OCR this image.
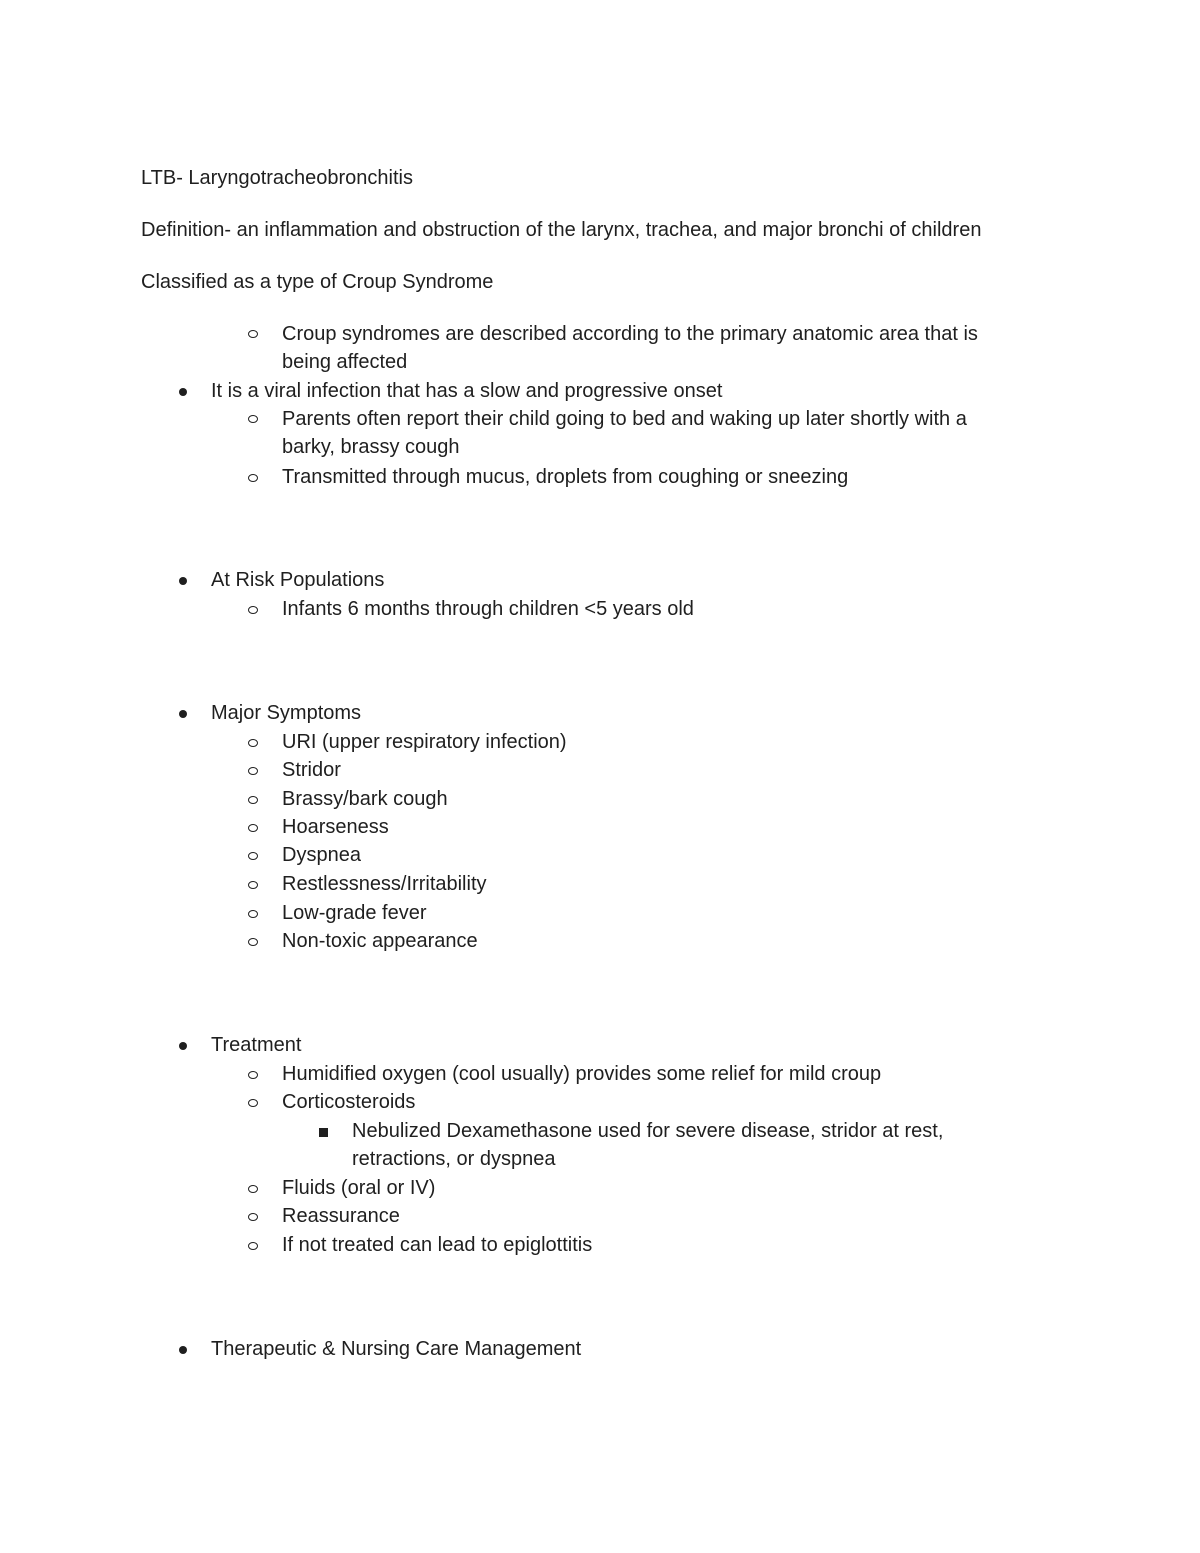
LTB- Laryngotracheobronchitis
Definition- an inflammation and obstruction of the larynx, trachea, and major bronchi of children
Classified as a type of Croup Syndrome
Croup syndromes are described according to the primary anatomic area that is
being affected
It is a viral infection that has a slow and progressive onset
Parents often report their child going to bed and waking up later shortly with a
barky, brassy cough
Transmitted through mucus, droplets from coughing or sneezing
At Risk Populations
Infants 6 months through children <5 years old
Major Symptoms
URI (upper respiratory infection)
Stridor
Brassy/bark cough
Hoarseness
Dyspnea
Restlessness/Irritability
Low-grade fever
Non-toxic appearance
Treatment
Humidified oxygen (cool usually) provides some relief for mild croup
Corticosteroids
Nebulized Dexamethasone used for severe disease, stridor at rest,
retractions, or dyspnea
Fluids (oral or IV)
Reassurance
If not treated can lead to epiglottitis
Therapeutic & Nursing Care Management
